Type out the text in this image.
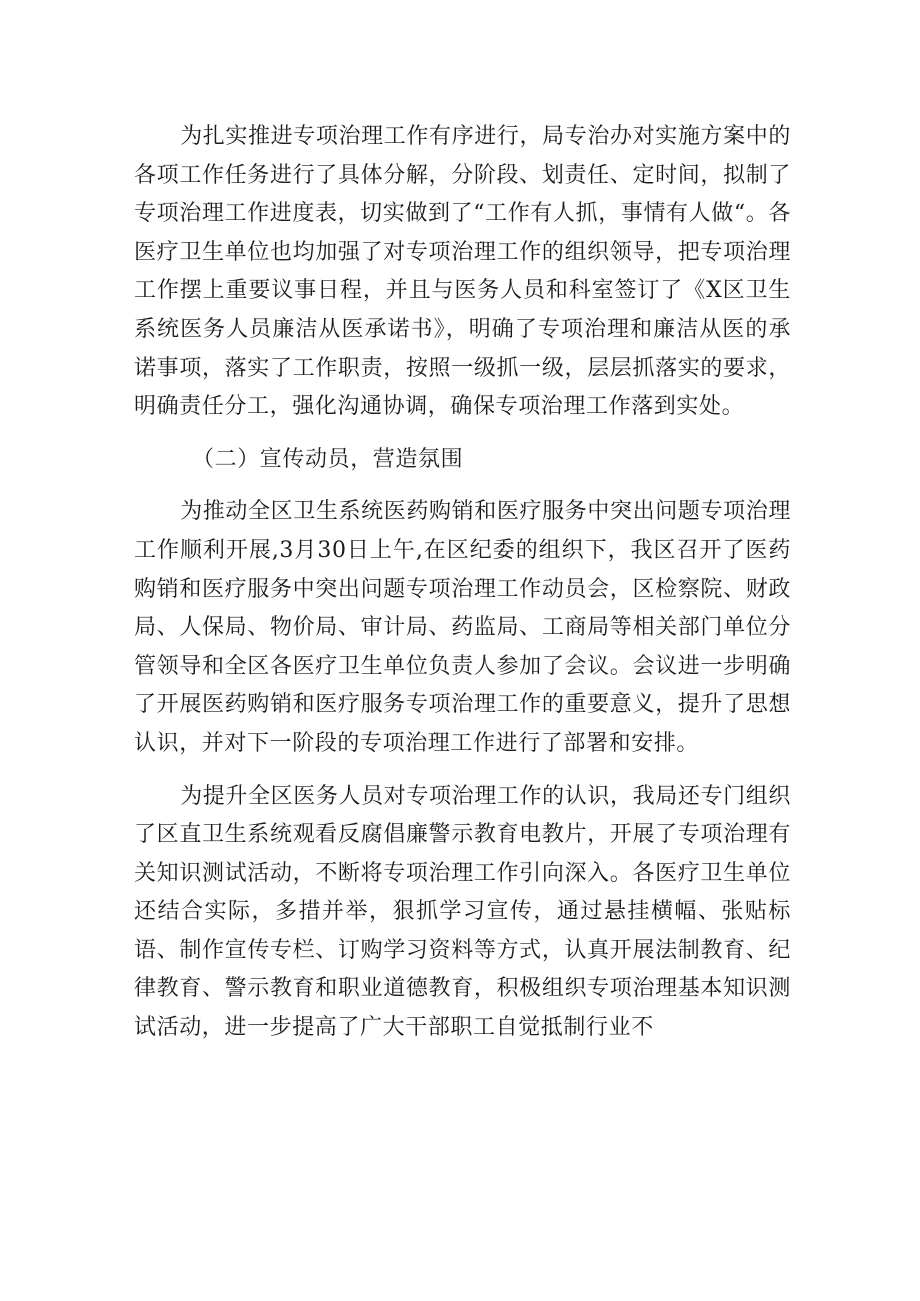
为扎实推进专项治理工作有序进行，局专治办对实施方案中的各项工作任务进行了具体分解，分阶段、划责任、定时间，拟制了专项治理工作进度表，切实做到了“工作有人抓，事情有人做“。各医疗卫生单位也均加强了对专项治理工作的组织领导，把专项治理工作摆上重要议事日程，并且与医务人员和科室签订了《X区卫生系统医务人员廉洁从医承诺书》，明确了专项治理和廉洁从医的承诺事项，落实了工作职责，按照一级抓一级，层层抓落实的要求，明确责任分工，强化沟通协调，确保专项治理工作落到实处。

（二）宣传动员，营造氛围

为推动全区卫生系统医药购销和医疗服务中突出问题专项治理工作顺利开展,3月30日上午,在区纪委的组织下，我区召开了医药购销和医疗服务中突出问题专项治理工作动员会，区检察院、财政局、人保局、物价局、审计局、药监局、工商局等相关部门单位分管领导和全区各医疗卫生单位负责人参加了会议。会议进一步明确了开展医药购销和医疗服务专项治理工作的重要意义，提升了思想认识，并对下一阶段的专项治理工作进行了部署和安排。

为提升全区医务人员对专项治理工作的认识，我局还专门组织了区直卫生系统观看反腐倡廉警示教育电教片，开展了专项治理有关知识测试活动，不断将专项治理工作引向深入。各医疗卫生单位还结合实际，多措并举，狠抓学习宣传，通过悬挂横幅、张贴标语、制作宣传专栏、订购学习资料等方式，认真开展法制教育、纪律教育、警示教育和职业道德教育，积极组织专项治理基本知识测试活动，进一步提高了广大干部职工自觉抵制行业不
